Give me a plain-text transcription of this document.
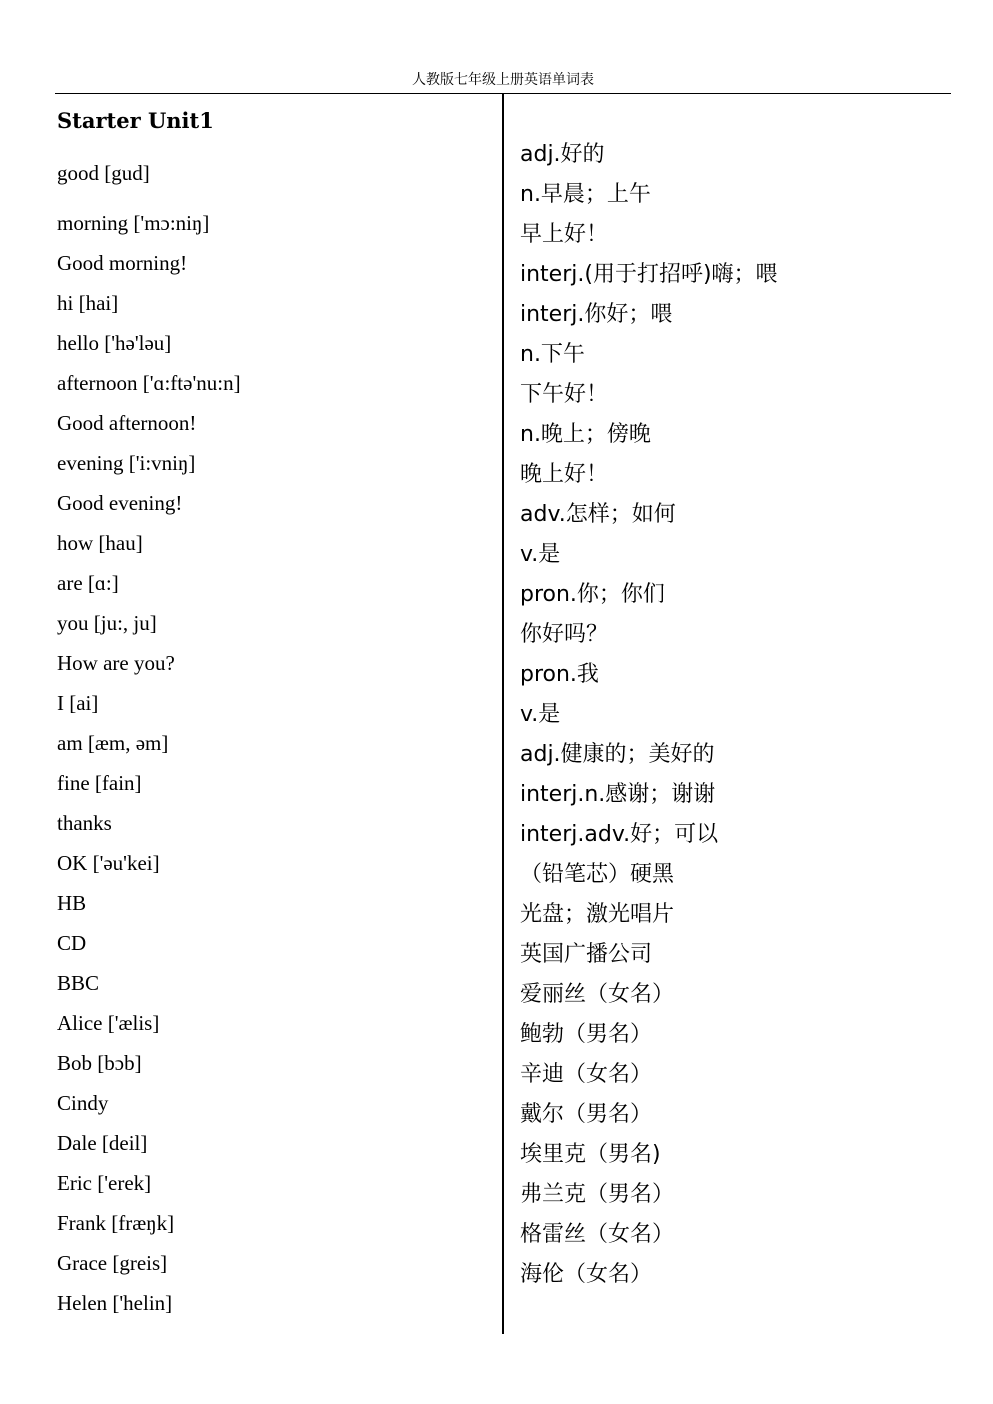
人教版七年级上册英语单词表
Starter Unit1
good [gud]
morning ['mɔ:niŋ]
Good morning!
hi [hai]
hello ['hə'ləu]
afternoon ['ɑ:ftə'nu:n]
Good afternoon!
evening ['i:vniŋ]
Good evening!
how [hau]
are [ɑ:]
you [ju:, ju]
How are you?
I [ai]
am [æm, əm]
fine [fain]
thanks
OK ['əu'kei]
HB
CD
BBC
Alice ['ælis]
Bob [bɔb]
Cindy
Dale [deil]
Eric ['erek]
Frank [fræŋk]
Grace [greis]
Helen ['helin]
adj.好的
n.早晨；上午
早上好！
interj.(用于打招呼)嗨；喂
interj.你好；喂
n.下午
下午好！
n.晚上；傍晚
晚上好！
adv.怎样；如何
v.是
pron.你；你们
你好吗？
pron.我
v.是
adj.健康的；美好的
interj.n.感谢；谢谢
interj.adv.好；可以
（铅笔芯）硬黑
光盘；激光唱片
英国广播公司
爱丽丝（女名）
鲍勃（男名）
辛迪（女名）
戴尔（男名）
埃里克（男名)
弗兰克（男名）
格雷丝（女名）
海伦（女名）
